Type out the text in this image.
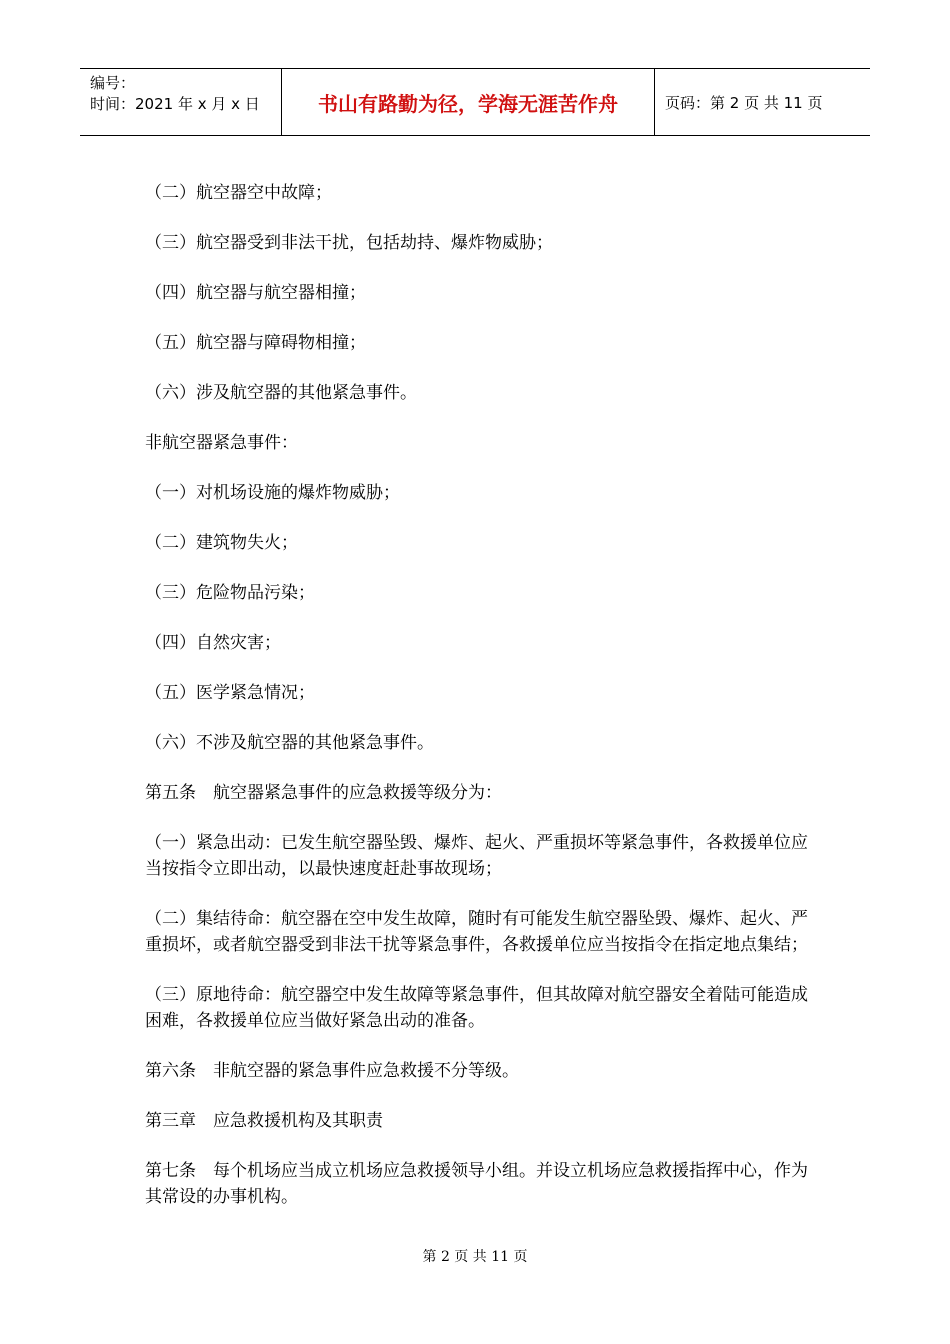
编号：
时间：2021 年 x 月 x 日	书山有路勤为径，学海无涯苦作舟	页码：第 2 页 共 11 页

（二）航空器空中故障；

（三）航空器受到非法干扰，包括劫持、爆炸物威胁；

（四）航空器与航空器相撞；

（五）航空器与障碍物相撞；

（六）涉及航空器的其他紧急事件。

非航空器紧急事件：

（一）对机场设施的爆炸物威胁；

（二）建筑物失火；

（三）危险物品污染；

（四）自然灾害；

（五）医学紧急情况；

（六）不涉及航空器的其他紧急事件。

第五条　航空器紧急事件的应急救援等级分为：

（一）紧急出动：已发生航空器坠毁、爆炸、起火、严重损坏等紧急事件，各救援单位应当按指令立即出动，以最快速度赶赴事故现场；

（二）集结待命：航空器在空中发生故障，随时有可能发生航空器坠毁、爆炸、起火、严重损坏，或者航空器受到非法干扰等紧急事件，各救援单位应当按指令在指定地点集结；

（三）原地待命：航空器空中发生故障等紧急事件，但其故障对航空器安全着陆可能造成困难，各救援单位应当做好紧急出动的准备。

第六条　非航空器的紧急事件应急救援不分等级。

第三章　应急救援机构及其职责

第七条　每个机场应当成立机场应急救援领导小组。并设立机场应急救援指挥中心，作为其常设的办事机构。

第 2 页 共 11 页
